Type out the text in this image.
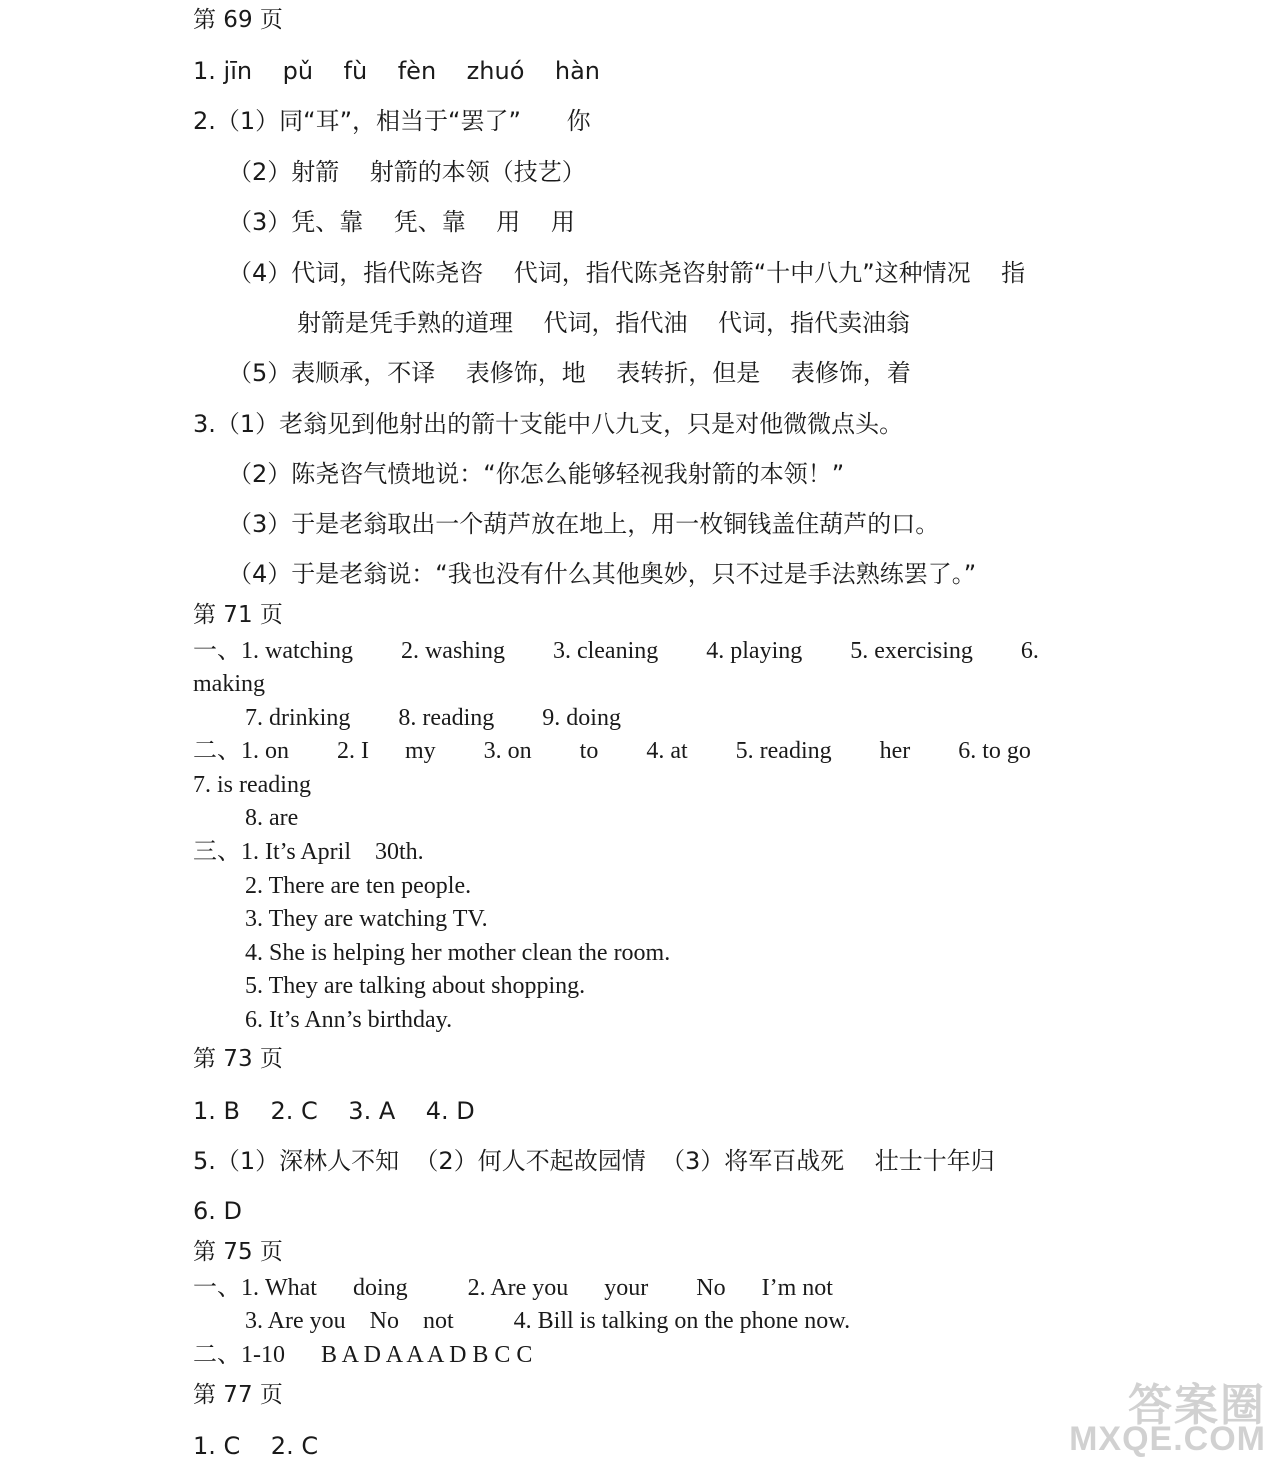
第 69 页
1. jīn    pǔ    fù    fèn    zhuó    hàn
2.（1）同“耳”，相当于“罢了”      你
（2）射箭    射箭的本领（技艺）
（3）凭、靠    凭、靠    用    用
（4）代词，指代陈尧咨    代词，指代陈尧咨射箭“十中八九”这种情况    指
射箭是凭手熟的道理    代词，指代油    代词，指代卖油翁
（5）表顺承，不译    表修饰，地    表转折，但是    表修饰，着
3.（1）老翁见到他射出的箭十支能中八九支，只是对他微微点头。
（2）陈尧咨气愤地说：“你怎么能够轻视我射箭的本领！”
（3）于是老翁取出一个葫芦放在地上，用一枚铜钱盖住葫芦的口。
（4）于是老翁说：“我也没有什么其他奥妙，只不过是手法熟练罢了。”
第 71 页
一、1. watching        2. washing        3. cleaning        4. playing        5. exercising        6.
making
7. drinking        8. reading        9. doing
二、1. on        2. I      my        3. on        to        4. at        5. reading        her        6. to go
7. is reading
8. are
三、1. It’s April    30th.
2. There are ten people.
3. They are watching TV.
4. She is helping her mother clean the room.
5. They are talking about shopping.
6. It’s Ann’s birthday.
第 73 页
1. B    2. C    3. A    4. D
5.（1）深林人不知  （2）何人不起故园情  （3）将军百战死    壮士十年归
6. D
第 75 页
一、1. What      doing          2. Are you      your        No      I’m not
3. Are you    No    not          4. Bill is talking on the phone now.
二、1-10      B A D A A A D B C C
第 77 页
1. C    2. C
答案圈
MXQE.COM
